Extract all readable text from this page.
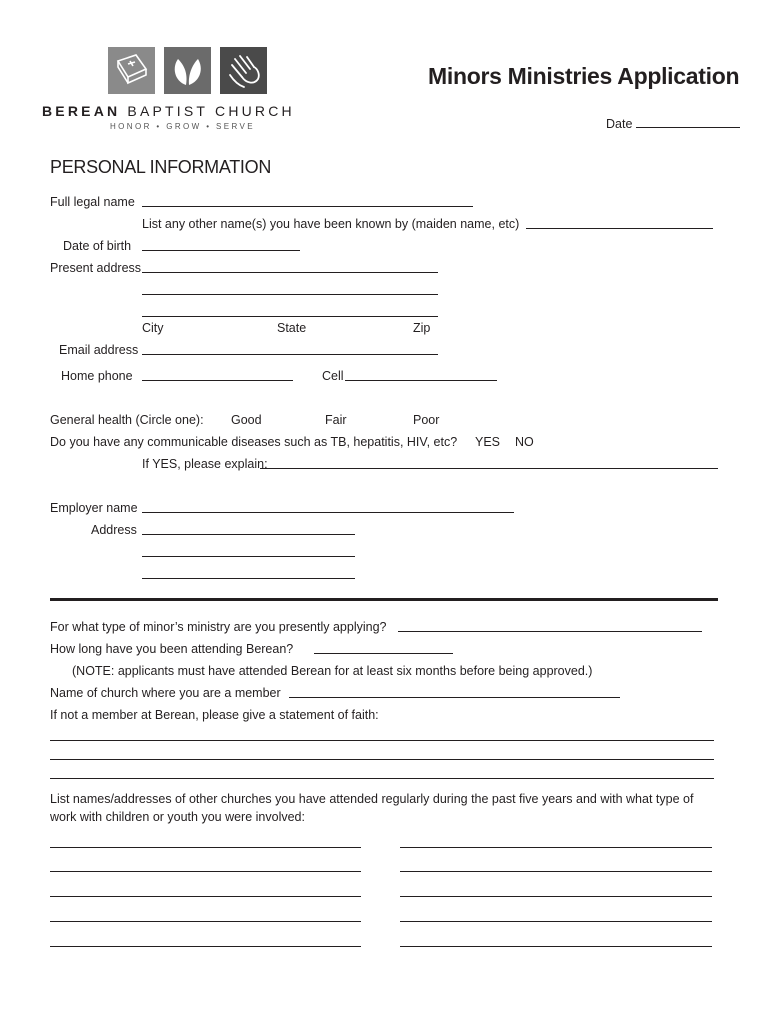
BEREAN BAPTIST CHURCH
HONOR • GROW • SERVE
Minors Ministries Application
Date
PERSONAL INFORMATION
Full legal name
List any other name(s) you have been known by (maiden name, etc)
Date of birth
Present address
City	State	Zip
Email address
Home phone	Cell
General health (Circle one): Good	Fair	Poor
Do you have any communicable diseases such as TB, hepatitis, HIV, etc? YES NO
If YES, please explain:
Employer name
Address
For what type of minor’s ministry are you presently applying?
How long have you been attending Berean?
(NOTE: applicants must have attended Berean for at least six months before being approved.)
Name of church where you are a member
If not a member at Berean, please give a statement of faith:
List names/addresses of other churches you have attended regularly during the past five years and with what type of
work with children or youth you were involved:
